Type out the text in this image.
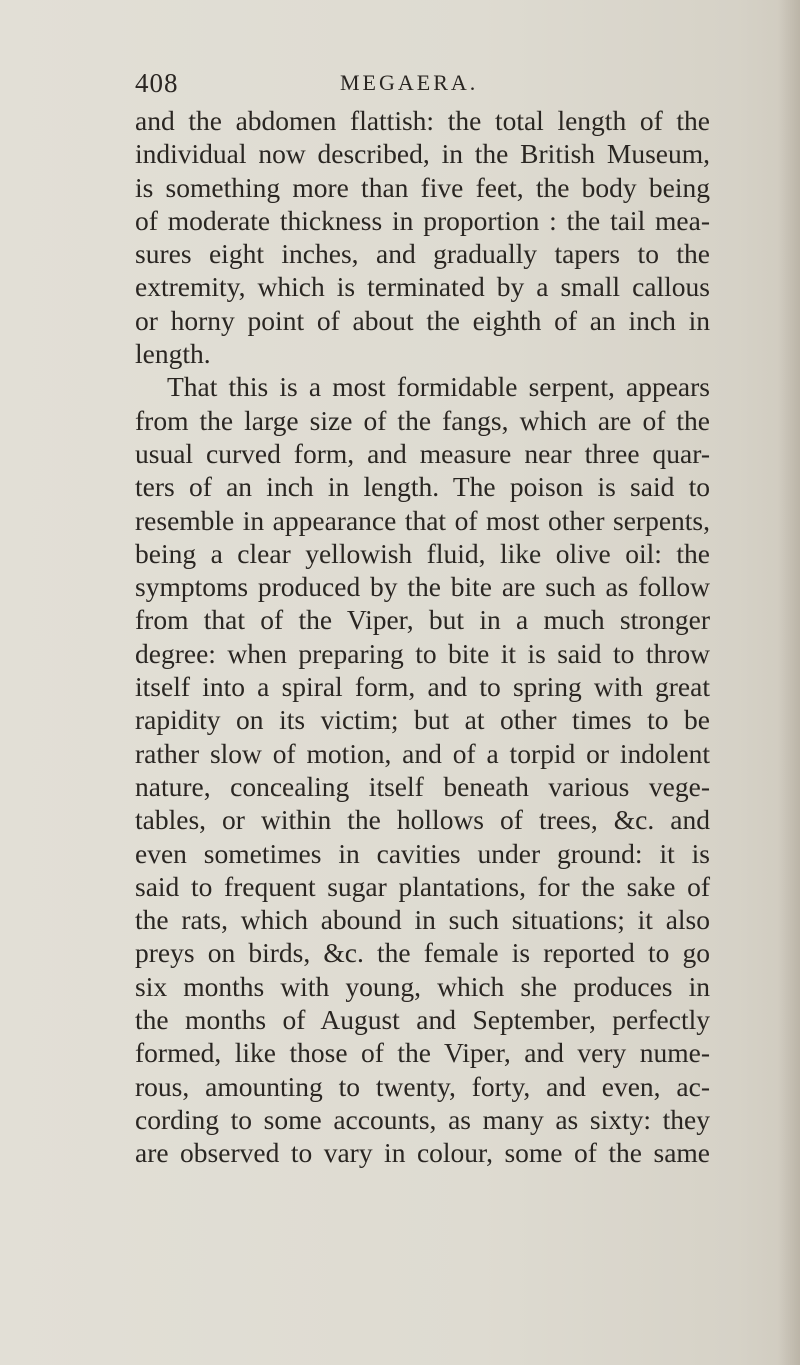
408	MEGAERA.
and the abdomen flattish: the total length of the
individual now described, in the British Museum,
is something more than five feet, the body being
of moderate thickness in proportion : the tail mea-
sures eight inches, and gradually tapers to the
extremity, which is terminated by a small callous
or horny point of about the eighth of an inch in
length.
That this is a most formidable serpent, appears
from the large size of the fangs, which are of the
usual curved form, and measure near three quar-
ters of an inch in length. The poison is said to
resemble in appearance that of most other serpents,
being a clear yellowish fluid, like olive oil: the
symptoms produced by the bite are such as follow
from that of the Viper, but in a much stronger
degree: when preparing to bite it is said to throw
itself into a spiral form, and to spring with great
rapidity on its victim; but at other times to be
rather slow of motion, and of a torpid or indolent
nature, concealing itself beneath various vege-
tables, or within the hollows of trees, &c. and
even sometimes in cavities under ground: it is
said to frequent sugar plantations, for the sake of
the rats, which abound in such situations; it also
preys on birds, &c. the female is reported to go
six months with young, which she produces in
the months of August and September, perfectly
formed, like those of the Viper, and very nume-
rous, amounting to twenty, forty, and even, ac-
cording to some accounts, as many as sixty: they
are observed to vary in colour, some of the same
